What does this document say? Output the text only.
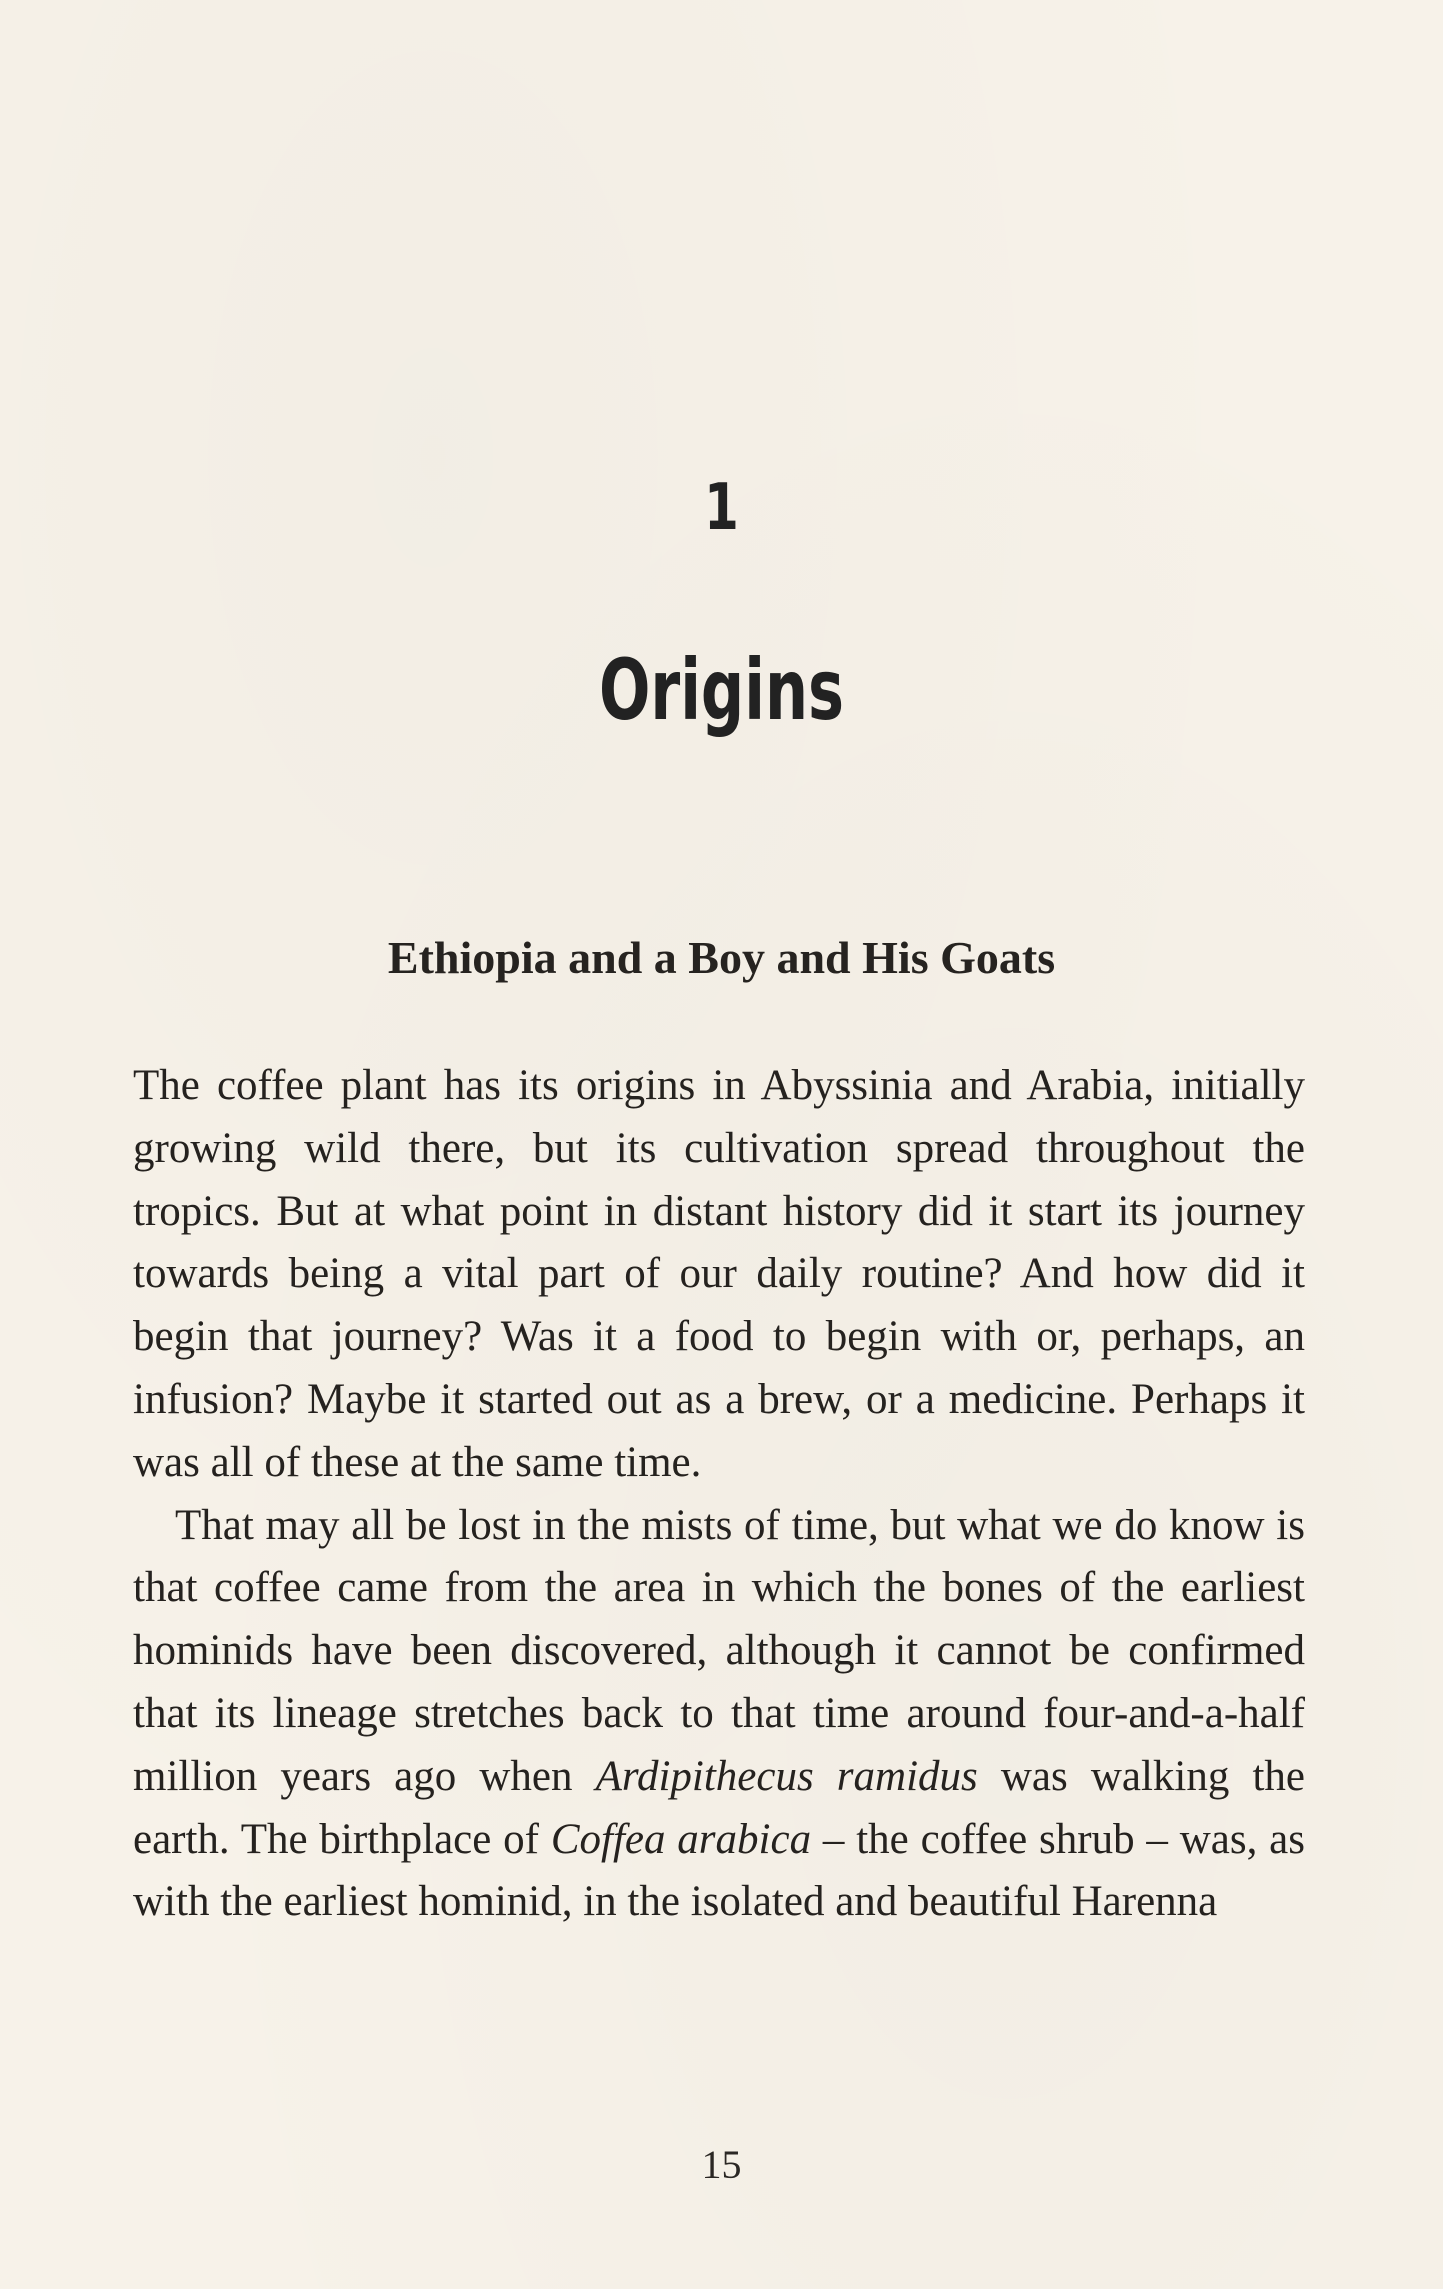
1
Origins
Ethiopia and a Boy and His Goats

The coffee plant has its origins in Abyssinia and Arabia, initially growing wild there, but its cultivation spread throughout the tropics. But at what point in distant history did it start its journey towards being a vital part of our daily routine? And how did it begin that journey? Was it a food to begin with or, perhaps, an infusion? Maybe it started out as a brew, or a medicine. Perhaps it was all of these at the same time.

That may all be lost in the mists of time, but what we do know is that coffee came from the area in which the bones of the earliest hominids have been discovered, although it cannot be confirmed that its lineage stretches back to that time around four-and-a-half million years ago when Ardipithecus ramidus was walking the earth. The birthplace of Coffea arabica – the coffee shrub – was, as with the earliest hominid, in the isolated and beautiful Harenna

15
